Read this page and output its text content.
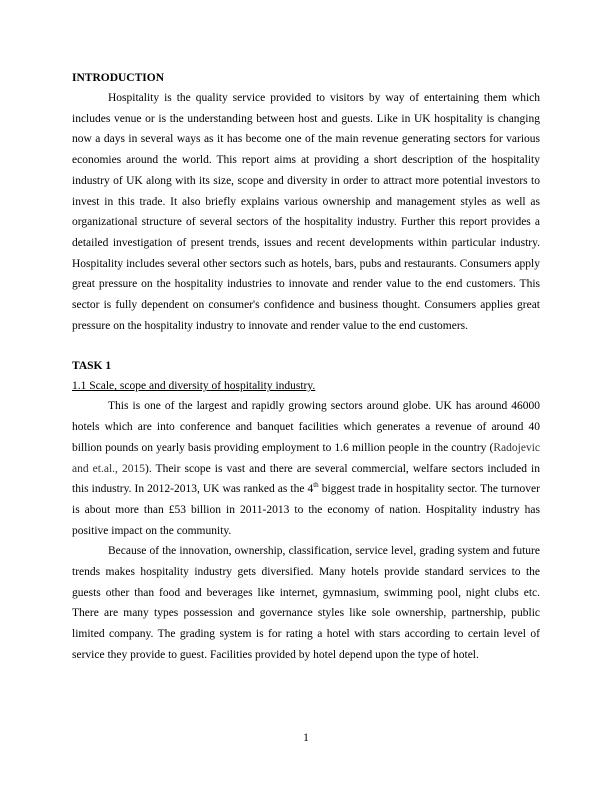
INTRODUCTION

Hospitality is the quality service provided to visitors by way of entertaining them which includes venue or is the understanding between host and guests. Like in UK hospitality is changing now a days in several ways as it has become one of the main revenue generating sectors for various economies around the world. This report aims at providing a short description of the hospitality industry of UK along with its size, scope and diversity in order to attract more potential investors to invest in this trade. It also briefly explains various ownership and management styles as well as organizational structure of several sectors of the hospitality industry. Further this report provides a detailed investigation of present trends, issues and recent developments within particular industry. Hospitality includes several other sectors such as hotels, bars, pubs and restaurants. Consumers apply great pressure on the hospitality industries to innovate and render value to the end customers. This sector is fully dependent on consumer's confidence and business thought. Consumers applies great pressure on the hospitality industry to innovate and render value to the end customers.

TASK 1

1.1 Scale, scope and diversity of hospitality industry.

This is one of the largest and rapidly growing sectors around globe. UK has around 46000 hotels which are into conference and banquet facilities which generates a revenue of around 40 billion pounds on yearly basis providing employment to 1.6 million people in the country (Radojevic and et.al., 2015). Their scope is vast and there are several commercial, welfare sectors included in this industry. In 2012-2013, UK was ranked as the 4th biggest trade in hospitality sector. The turnover is about more than £53 billion in 2011-2013 to the economy of nation. Hospitality industry has positive impact on the community.

Because of the innovation, ownership, classification, service level, grading system and future trends makes hospitality industry gets diversified. Many hotels provide standard services to the guests other than food and beverages like internet, gymnasium, swimming pool, night clubs etc. There are many types possession and governance styles like sole ownership, partnership, public limited company. The grading system is for rating a hotel with stars according to certain level of service they provide to guest. Facilities provided by hotel depend upon the type of hotel.

1
